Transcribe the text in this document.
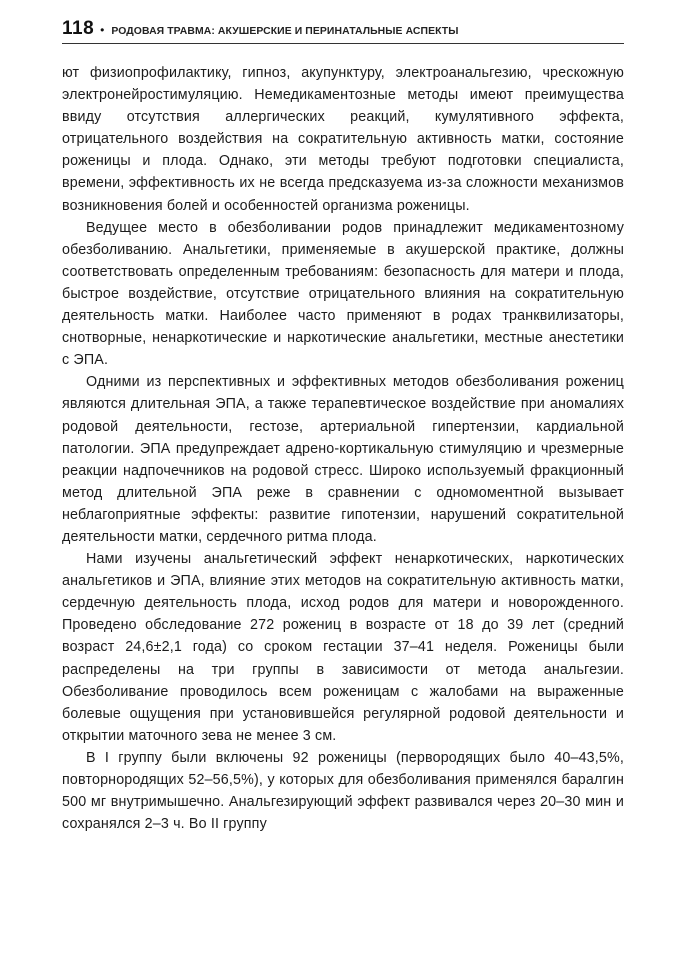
118 • РОДОВАЯ ТРАВМА: АКУШЕРСКИЕ И ПЕРИНАТАЛЬНЫЕ АСПЕКТЫ

ют физиопрофилактику, гипноз, акупунктуру, электроанальгезию, чрескожную электронейростимуляцию. Немедикаментозные методы имеют преимущества ввиду отсутствия аллергических реакций, кумулятивного эффекта, отрицательного воздействия на сократительную активность матки, состояние роженицы и плода. Однако, эти методы требуют подготовки специалиста, времени, эффективность их не всегда предсказуема из-за сложности механизмов возникновения болей и особенностей организма роженицы.

Ведущее место в обезболивании родов принадлежит медикаментозному обезболиванию. Анальгетики, применяемые в акушерской практике, должны соответствовать определенным требованиям: безопасность для матери и плода, быстрое воздействие, отсутствие отрицательного влияния на сократительную деятельность матки. Наиболее часто применяют в родах транквилизаторы, снотворные, ненаркотические и наркотические анальгетики, местные анестетики с ЭПА.

Одними из перспективных и эффективных методов обезболивания рожениц являются длительная ЭПА, а также терапевтическое воздействие при аномалиях родовой деятельности, гестозе, артериальной гипертензии, кардиальной патологии. ЭПА предупреждает адрено-кортикальную стимуляцию и чрезмерные реакции надпочечников на родовой стресс. Широко используемый фракционный метод длительной ЭПА реже в сравнении с одномоментной вызывает неблагоприятные эффекты: развитие гипотензии, нарушений сократительной деятельности матки, сердечного ритма плода.

Нами изучены анальгетический эффект ненаркотических, наркотических анальгетиков и ЭПА, влияние этих методов на сократительную активность матки, сердечную деятельность плода, исход родов для матери и новорожденного. Проведено обследование 272 рожениц в возрасте от 18 до 39 лет (средний возраст 24,6±2,1 года) со сроком гестации 37–41 неделя. Роженицы были распределены на три группы в зависимости от метода анальгезии. Обезболивание проводилось всем роженицам с жалобами на выраженные болевые ощущения при установившейся регулярной родовой деятельности и открытии маточного зева не менее 3 см.

В I группу были включены 92 роженицы (первородящих было 40–43,5%, повторнородящих 52–56,5%), у которых для обезболивания применялся баралгин 500 мг внутримышечно. Анальгезирующий эффект развивался через 20–30 мин и сохранялся 2–3 ч. Во II группу
